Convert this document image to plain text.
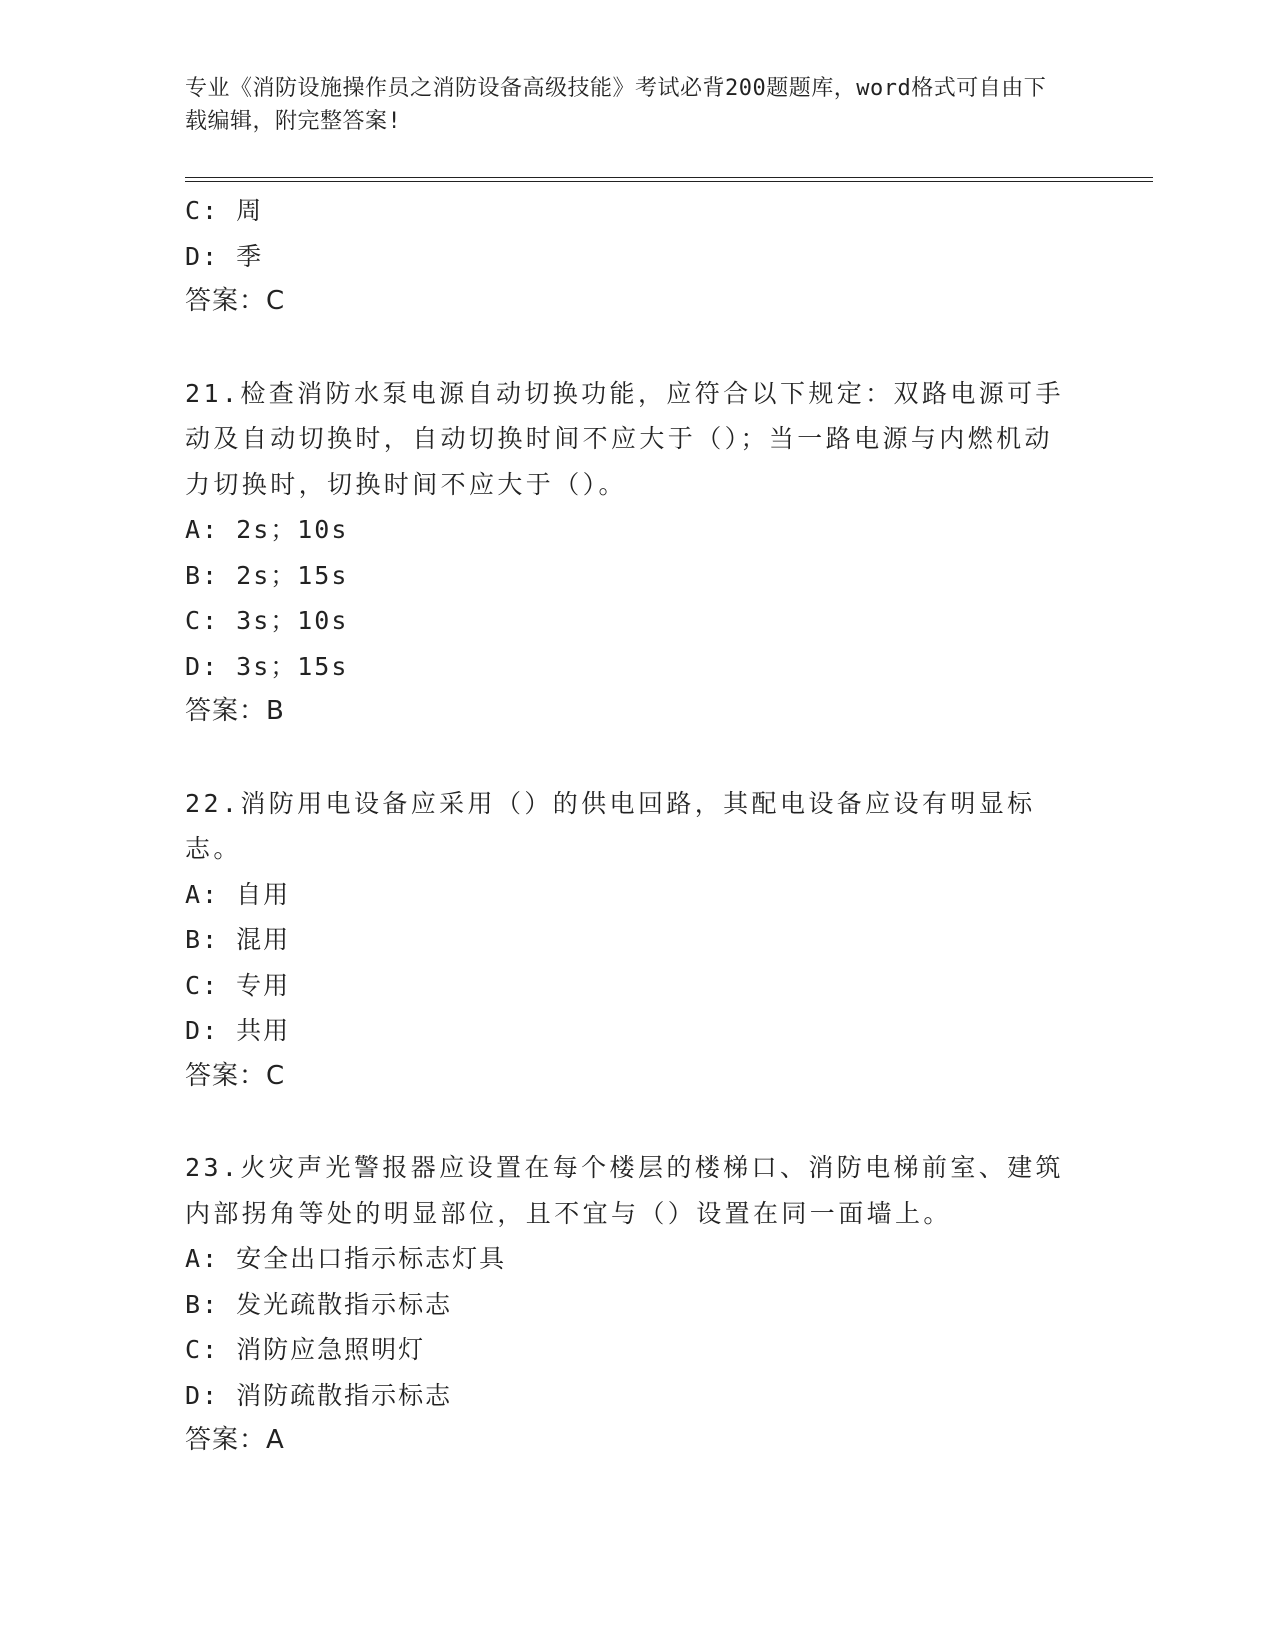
专业《消防设施操作员之消防设备高级技能》考试必背200题题库，word格式可自由下载编辑，附完整答案!
C: 周
D: 季
答案：C
21.检查消防水泵电源自动切换功能，应符合以下规定：双路电源可手动及自动切换时，自动切换时间不应大于（）；当一路电源与内燃机动力切换时，切换时间不应大于（）。
A: 2s；10s
B: 2s；15s
C: 3s；10s
D: 3s；15s
答案：B
22.消防用电设备应采用（）的供电回路，其配电设备应设有明显标志。
A: 自用
B: 混用
C: 专用
D: 共用
答案：C
23.火灾声光警报器应设置在每个楼层的楼梯口、消防电梯前室、建筑内部拐角等处的明显部位，且不宜与（）设置在同一面墙上。
A: 安全出口指示标志灯具
B: 发光疏散指示标志
C: 消防应急照明灯
D: 消防疏散指示标志
答案：A
